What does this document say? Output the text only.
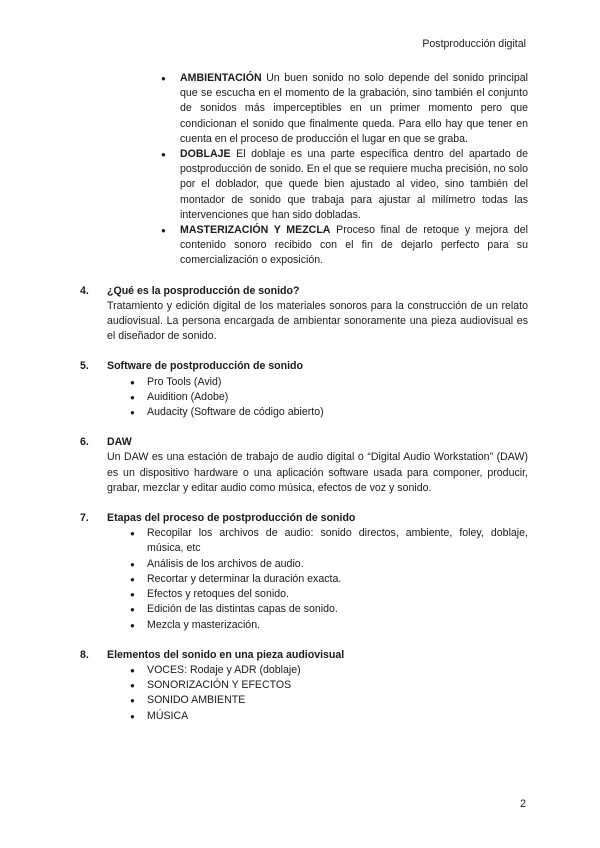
Postproducción digital
● AMBIENTACIÓN Un buen sonido no solo depende del sonido principal que se escucha en el momento de la grabación, sino también el conjunto de sonidos más imperceptibles en un primer momento pero que condicionan el sonido que finalmente queda. Para ello hay que tener en cuenta en el proceso de producción el lugar en que se graba.
● DOBLAJE El doblaje es una parte específica dentro del apartado de postproducción de sonido. En el que se requiere mucha precisión, no solo por el doblador, que quede bien ajustado al video, sino también del montador de sonido que trabaja para ajustar al milímetro todas las intervenciones que han sido dobladas.
● MASTERIZACIÓN Y MEZCLA Proceso final de retoque y mejora del contenido sonoro recibido con el fin de dejarlo perfecto para su comercialización o exposición.
4. ¿Qué es la posproducción de sonido?
Tratamiento y edición digital de los materiales sonoros para la construcción de un relato audiovisual. La persona encargada de ambientar sonoramente una pieza audiovisual es el diseñador de sonido.
5. Software de postproducción de sonido
● Pro Tools (Avid)
● Auidition (Adobe)
● Audacity (Software de código abierto)
6. DAW
Un DAW es una estación de trabajo de audio digital o “Digital Audio Workstation” (DAW) es un dispositivo hardware o una aplicación software usada para componer, producir, grabar, mezclar y editar audio como música, efectos de voz y sonido.
7. Etapas del proceso de postproducción de sonido
● Recopilar los archivos de audio: sonido directos, ambiente, foley, doblaje, música, etc
● Análisis de los archivos de audio.
● Recortar y determinar la duración exacta.
● Efectos y retoques del sonido.
● Edición de las distintas capas de sonido.
● Mezcla y masterización.
8. Elementos del sonido en una pieza audiovisual
● VOCES: Rodaje y ADR (doblaje)
● SONORIZACIÓN Y EFECTOS
● SONIDO AMBIENTE
● MÚSICA
2
